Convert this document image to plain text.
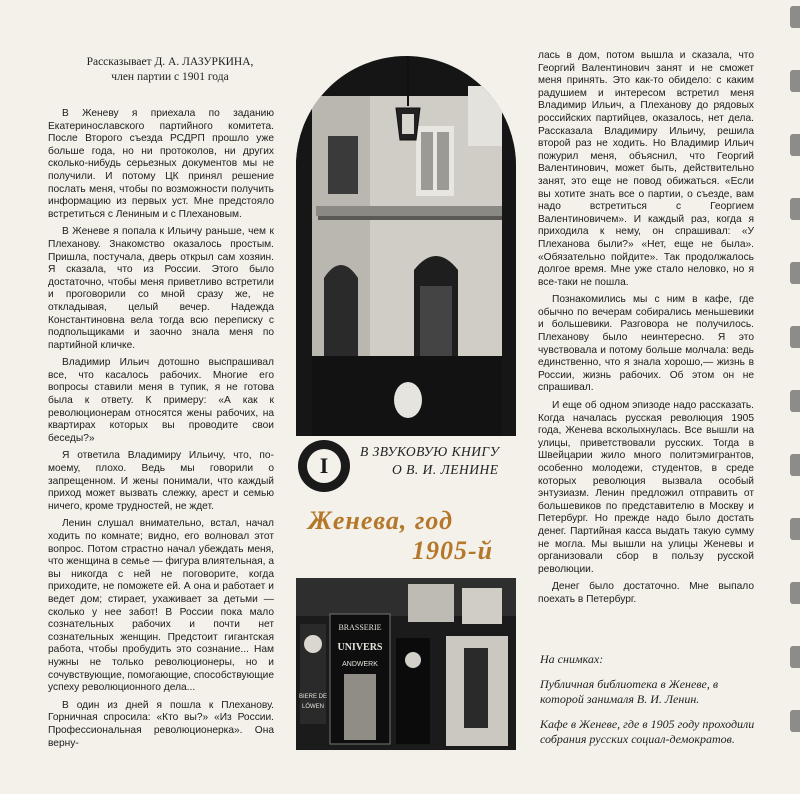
Рассказывает Д. А. ЛАЗУРКИНА,
член партии с 1901 года

В Женеву я приехала по заданию Екатеринославского партийного комитета. После Второго съезда РСДРП прошло уже больше года, но ни протоколов, ни других сколько-нибудь серьезных документов мы не получили. И потому ЦК принял решение послать меня, чтобы по возможности получить информацию из первых уст. Мне предстояло встретиться с Лениным и с Плехановым.

В Женеве я попала к Ильичу раньше, чем к Плеханову. Знакомство оказалось простым. Пришла, постучала, дверь открыл сам хозяин. Я сказала, что из России. Этого было достаточно, чтобы меня приветливо встретили и проговорили со мной сразу же, не откладывая, целый вечер. Надежда Константиновна вела тогда всю переписку с подпольщиками и заочно знала меня по партийной кличке.

Владимир Ильич дотошно выспрашивал все, что касалось рабочих. Многие его вопросы ставили меня в тупик, я не готова была к ответу. К примеру: «А как к революционерам относятся жены рабочих, на квартирах которых вы проводите свои беседы?»

Я ответила Владимиру Ильичу, что, по-моему, плохо. Ведь мы говорили о запрещенном. И жены понимали, что каждый приход может вызвать слежку, арест и семью ничего, кроме трудностей, не ждет.

Ленин слушал внимательно, встал, начал ходить по комнате; видно, его волновал этот вопрос. Потом страстно начал убеждать меня, что женщина в семье — фигура влиятельная, а вы никогда с ней не поговорите, когда приходите, не поможете ей. А она и работает и ведет дом; стирает, ухаживает за детьми — сколько у нее забот! В России пока мало сознательных рабочих и почти нет сознательных женщин. Предстоит гигантская работа, чтобы пробудить это сознание... Нам нужны не только революционеры, но и сочувствующие, помогающие, способствующие успеху революционного дела...

В один из дней я пошла к Плеханову. Горничная спросила: «Кто вы?» «Из России. Профессиональная революционерка». Она верну-

I
В ЗВУКОВУЮ КНИГУ
О В. И. ЛЕНИНЕ
Женева, год
1905-й
BRASSERIE
UNIVERS
ANDWERK
BIERE DE
LÖWEN

лась в дом, потом вышла и сказала, что Георгий Валентинович занят и не сможет меня принять. Это как-то обидело: с каким радушием и интересом встретил меня Владимир Ильич, а Плеханову до рядовых российских партийцев, оказалось, нет дела. Рассказала Владимиру Ильичу, решила второй раз не ходить. Но Владимир Ильич пожурил меня, объяснил, что Георгий Валентинович, может быть, действительно занят, это еще не повод обижаться. «Если вы хотите знать все о партии, о съезде, вам надо встретиться с Георгием Валентиновичем». И каждый раз, когда я приходила к нему, он спрашивал: «У Плеханова были?» «Нет, еще не была». «Обязательно пойдите». Так продолжалось долгое время. Мне уже стало неловко, но я все-таки не пошла.

Познакомились мы с ним в кафе, где обычно по вечерам собирались меньшевики и большевики. Разговора не получилось. Плеханову было неинтересно. Я это чувствовала и потому больше молчала: ведь единственно, что я знала хорошо,— жизнь в России, жизнь рабочих. Об этом он не спрашивал.

И еще об одном эпизоде надо рассказать. Когда началась русская революция 1905 года, Женева всколыхнулась. Все вышли на улицы, приветствовали русских. Тогда в Швейцарии жило много политэмигрантов, особенно молодежи, студентов, в среде которых революция вызвала особый энтузиазм. Ленин предложил отправить от большевиков по представителю в Москву и Петербург. Но прежде надо было достать денег. Партийная касса выдать такую сумму не могла. Мы вышли на улицы Женевы и организовали сбор в пользу русской революции.

Денег было достаточно. Мне выпало поехать в Петербург.

На снимках:
Публичная библиотека в Женеве, в которой занималя В. И. Ленин.
Кафе в Женеве, где в 1905 году проходили собрания русских социал-демократов.
